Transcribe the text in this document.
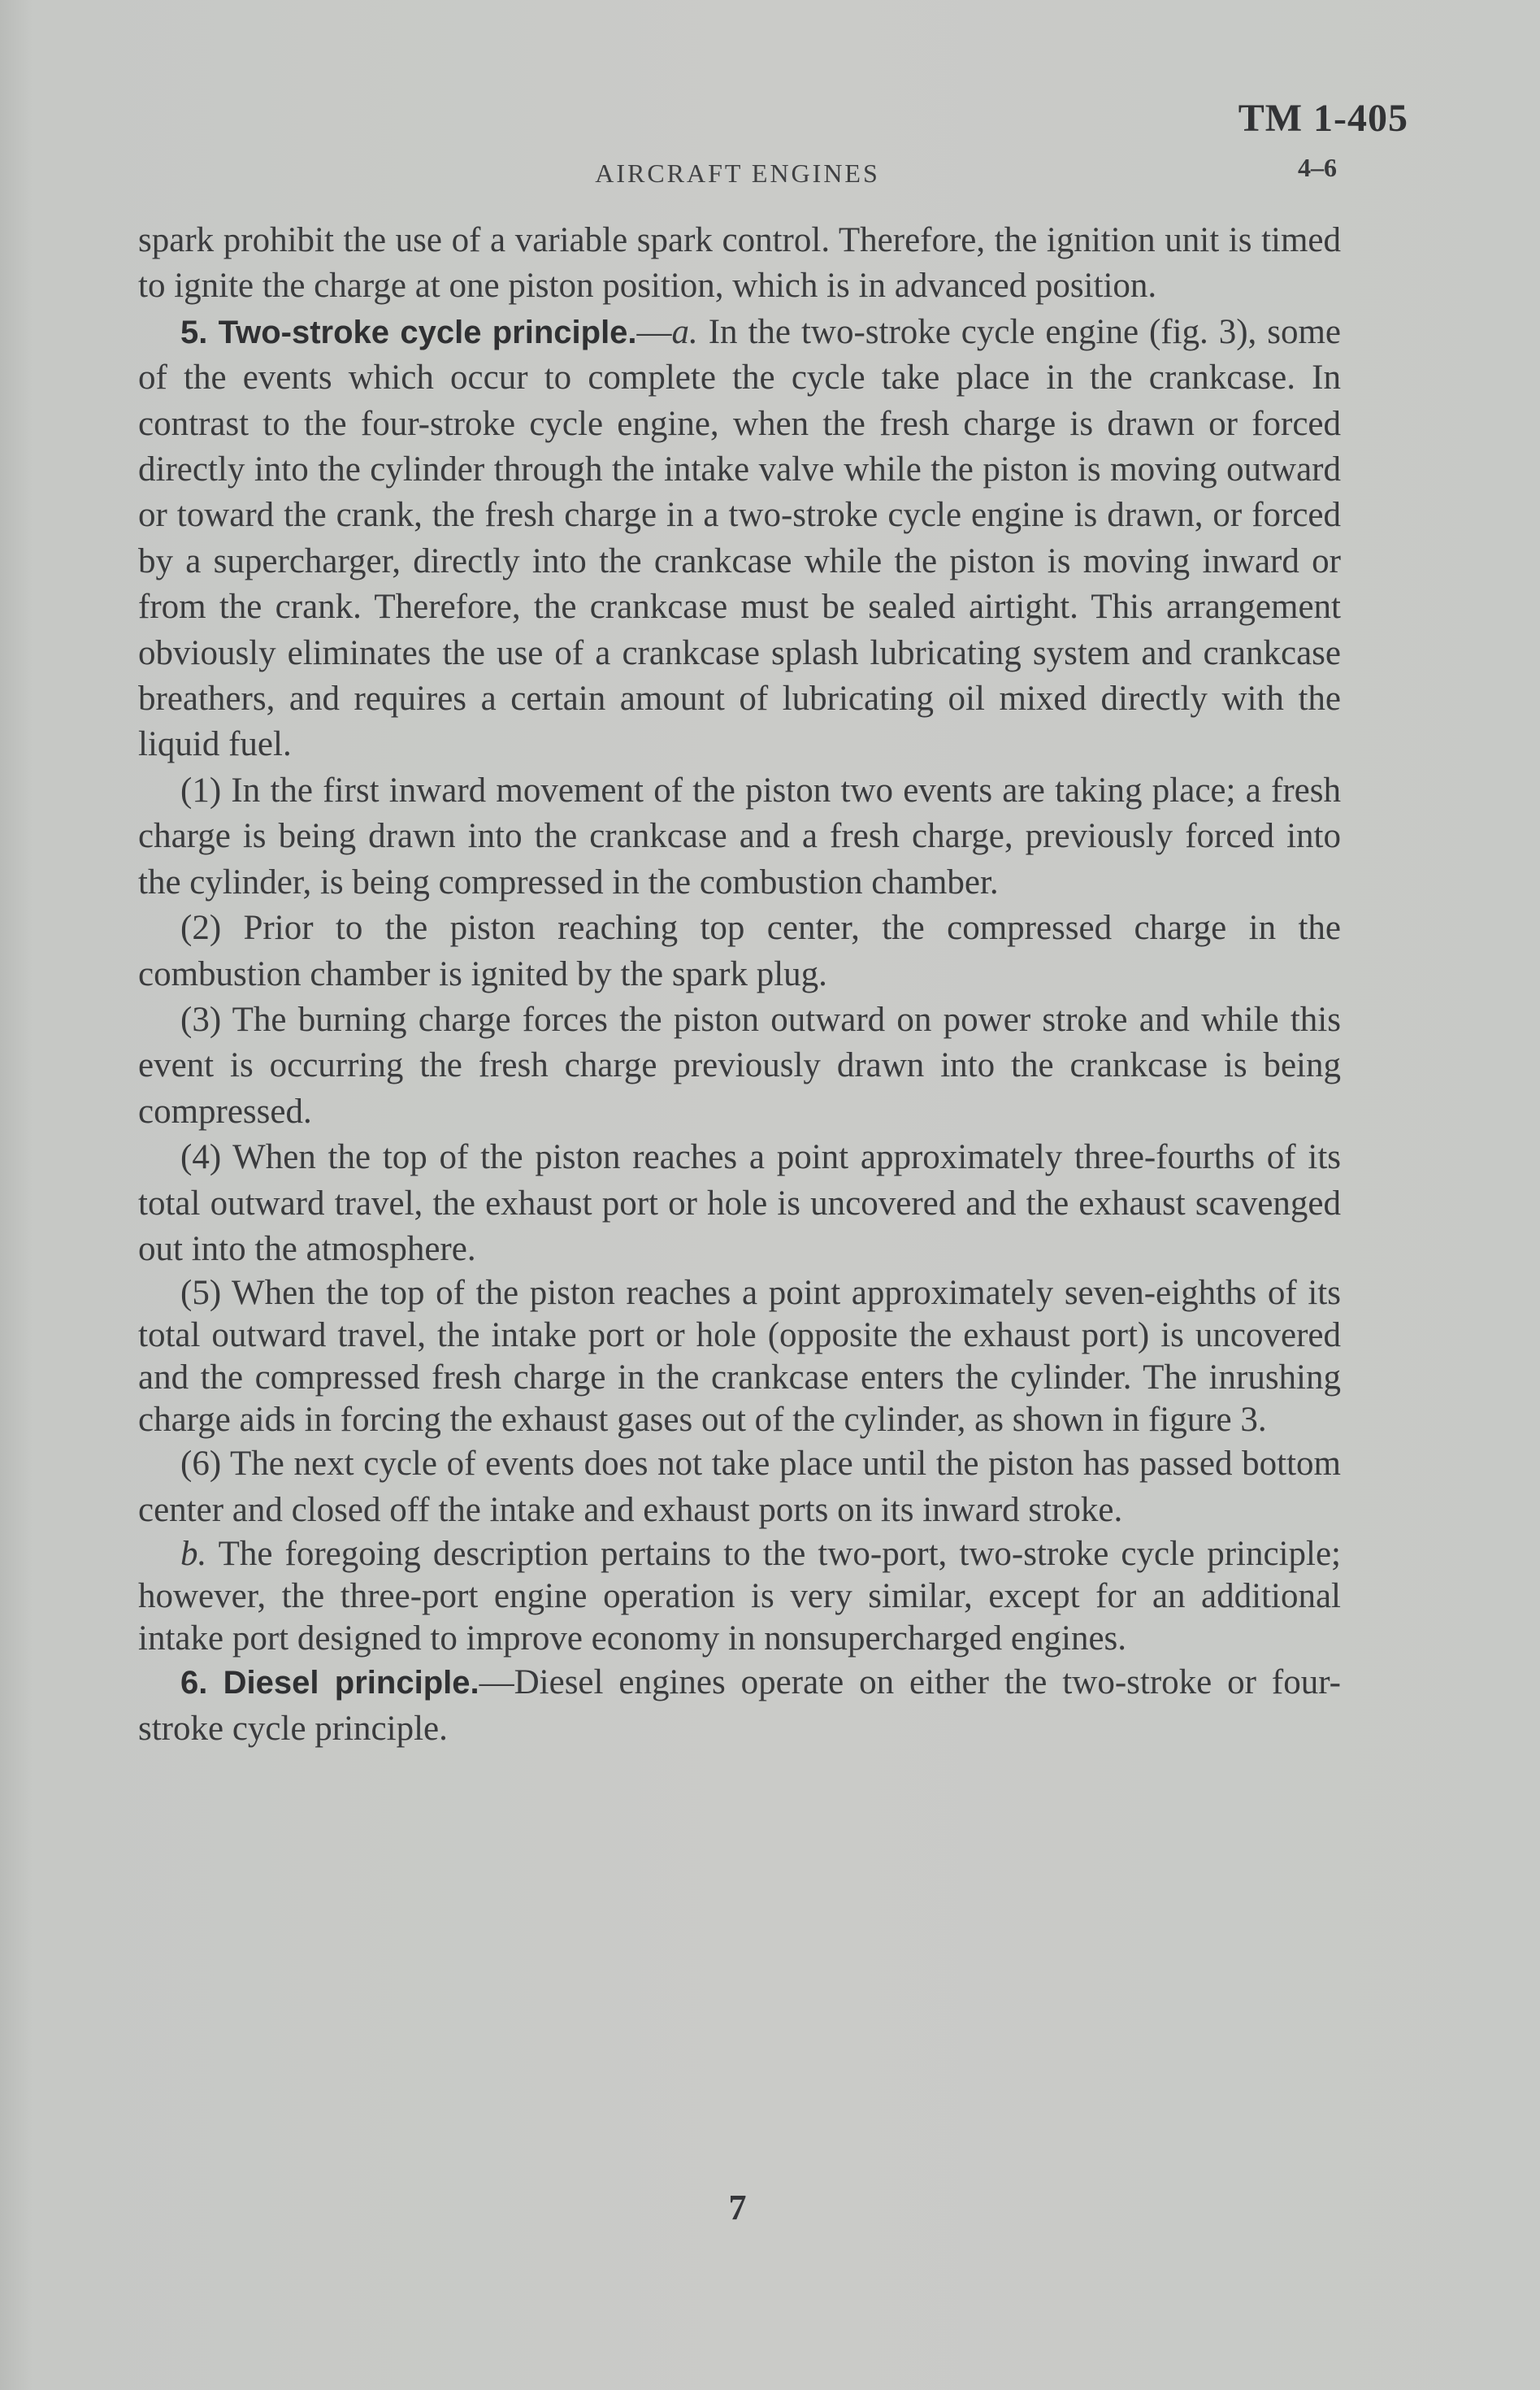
TM 1-405
AIRCRAFT ENGINES	4–6

spark prohibit the use of a variable spark control. Therefore, the ignition unit is timed to ignite the charge at one piston position, which is in advanced position.

5. Two-stroke cycle principle.—a. In the two-stroke cycle engine (fig. 3), some of the events which occur to complete the cycle take place in the crankcase. In contrast to the four-stroke cycle engine, when the fresh charge is drawn or forced directly into the cylinder through the intake valve while the piston is moving outward or toward the crank, the fresh charge in a two-stroke cycle engine is drawn, or forced by a supercharger, directly into the crankcase while the piston is moving inward or from the crank. Therefore, the crankcase must be sealed airtight. This arrangement obviously eliminates the use of a crankcase splash lubricating system and crankcase breathers, and requires a certain amount of lubricating oil mixed directly with the liquid fuel.

(1) In the first inward movement of the piston two events are taking place; a fresh charge is being drawn into the crankcase and a fresh charge, previously forced into the cylinder, is being compressed in the combustion chamber.

(2) Prior to the piston reaching top center, the compressed charge in the combustion chamber is ignited by the spark plug.

(3) The burning charge forces the piston outward on power stroke and while this event is occurring the fresh charge previously drawn into the crankcase is being compressed.

(4) When the top of the piston reaches a point approximately three-fourths of its total outward travel, the exhaust port or hole is uncovered and the exhaust scavenged out into the atmosphere.

(5) When the top of the piston reaches a point approximately seven-eighths of its total outward travel, the intake port or hole (opposite the exhaust port) is uncovered and the compressed fresh charge in the crankcase enters the cylinder. The inrushing charge aids in forcing the exhaust gases out of the cylinder, as shown in figure 3.

(6) The next cycle of events does not take place until the piston has passed bottom center and closed off the intake and exhaust ports on its inward stroke.

b. The foregoing description pertains to the two-port, two-stroke cycle principle; however, the three-port engine operation is very similar, except for an additional intake port designed to improve economy in nonsupercharged engines.

6. Diesel principle.—Diesel engines operate on either the two-stroke or four-stroke cycle principle.

7
